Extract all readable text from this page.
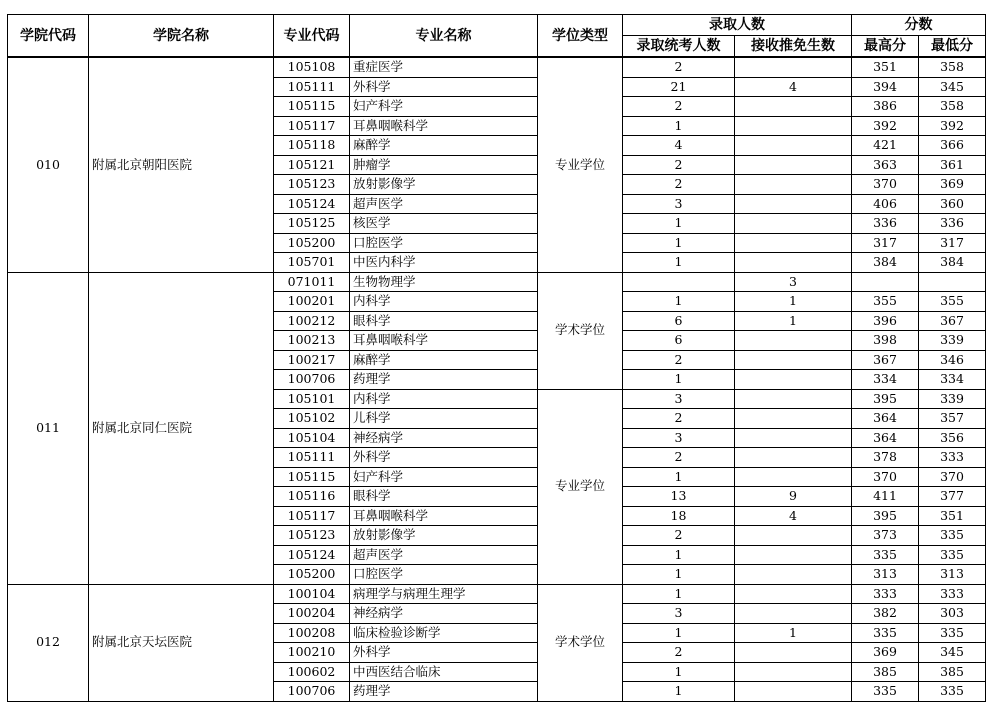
学院代码	学院名称	专业代码	专业名称	学位类型	录取人数		分数	
					录取统考人数	接收推免生数	最高分	最低分
010	附属北京朝阳医院	105108	重症医学	专业学位	2		351	358
		105111	外科学		21	4	394	345
		105115	妇产科学		2		386	358
		105117	耳鼻咽喉科学		1		392	392
		105118	麻醉学		4		421	366
		105121	肿瘤学		2		363	361
		105123	放射影像学		2		370	369
		105124	超声医学		3		406	360
		105125	核医学		1		336	336
		105200	口腔医学		1		317	317
		105701	中医内科学		1		384	384
011	附属北京同仁医院	071011	生物物理学	学术学位		3		
		100201	内科学		1	1	355	355
		100212	眼科学		6	1	396	367
		100213	耳鼻咽喉科学		6		398	339
		100217	麻醉学		2		367	346
		100706	药理学		1		334	334
		105101	内科学	专业学位	3		395	339
		105102	儿科学		2		364	357
		105104	神经病学		3		364	356
		105111	外科学		2		378	333
		105115	妇产科学		1		370	370
		105116	眼科学		13	9	411	377
		105117	耳鼻咽喉科学		18	4	395	351
		105123	放射影像学		2		373	335
		105124	超声医学		1		335	335
		105200	口腔医学		1		313	313
012	附属北京天坛医院	100104	病理学与病理生理学	学术学位	1		333	333
		100204	神经病学		3		382	303
		100208	临床检验诊断学		1	1	335	335
		100210	外科学		2		369	345
		100602	中西医结合临床		1		385	385
		100706	药理学		1		335	335
